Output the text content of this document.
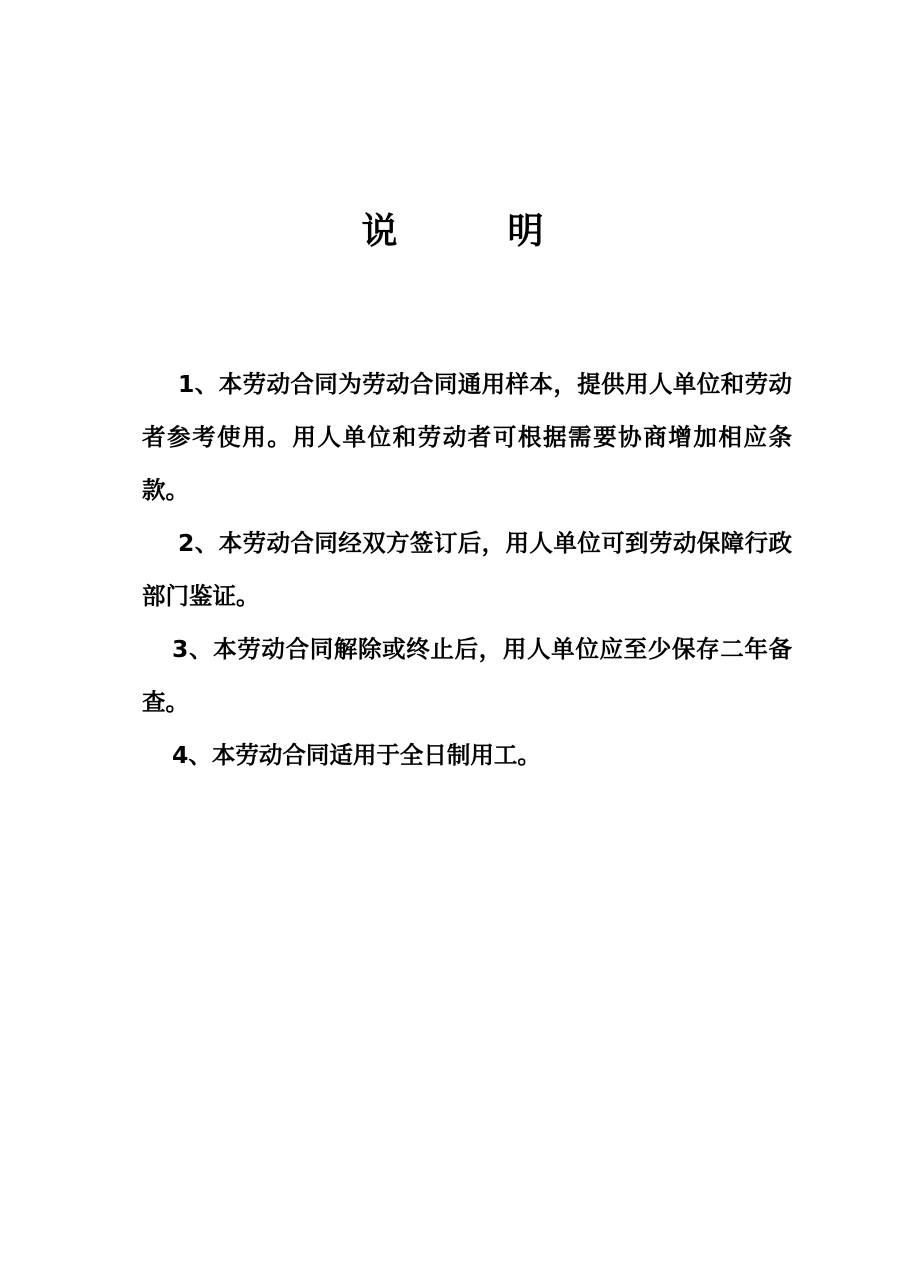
说	明

1、本劳动合同为劳动合同通用样本，提供用人单位和劳动者参考使用。用人单位和劳动者可根据需要协商增加相应条款。

2、本劳动合同经双方签订后，用人单位可到劳动保障行政部门鉴证。

3、本劳动合同解除或终止后，用人单位应至少保存二年备查。

4、本劳动合同适用于全日制用工。
